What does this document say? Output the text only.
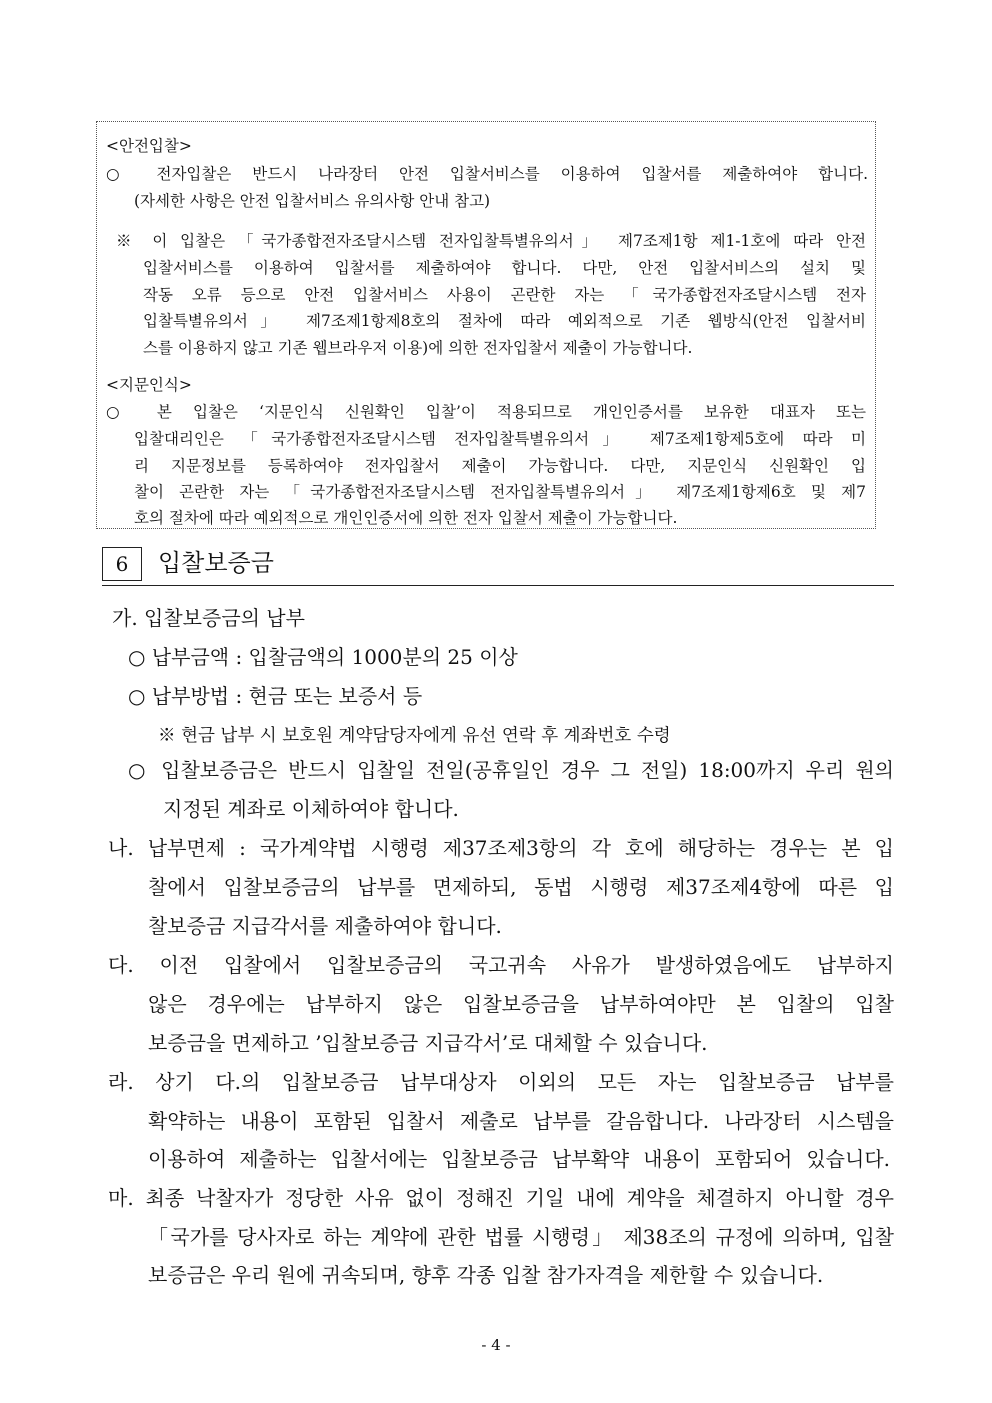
<안전입찰>
○ 전자입찰은 반드시 나라장터 안전 입찰서비스를 이용하여 입찰서를 제출하여야 합니다.
(자세한 사항은 안전 입찰서비스 유의사항 안내 참고)
※ 이 입찰은 「국가종합전자조달시스템 전자입찰특별유의서」 제7조제1항 제1-1호에 따라 안전
입찰서비스를 이용하여 입찰서를 제출하여야 합니다. 다만, 안전 입찰서비스의 설치 및
작동 오류 등으로 안전 입찰서비스 사용이 곤란한 자는 「국가종합전자조달시스템 전자
입찰특별유의서」 제7조제1항제8호의 절차에 따라 예외적으로 기존 웹방식(안전 입찰서비
스를 이용하지 않고 기존 웹브라우저 이용)에 의한 전자입찰서 제출이 가능합니다.
<지문인식>
○ 본 입찰은 ‘지문인식 신원확인 입찰’이 적용되므로 개인인증서를 보유한 대표자 또는
입찰대리인은 「국가종합전자조달시스템 전자입찰특별유의서」 제7조제1항제5호에 따라 미
리 지문정보를 등록하여야 전자입찰서 제출이 가능합니다. 다만, 지문인식 신원확인 입
찰이 곤란한 자는 「국가종합전자조달시스템 전자입찰특별유의서」 제7조제1항제6호 및 제7
호의 절차에 따라 예외적으로 개인인증서에 의한 전자 입찰서 제출이 가능합니다.
6	입찰보증금
가. 입찰보증금의 납부
○ 납부금액 : 입찰금액의 1000분의 25 이상
○ 납부방법 : 현금 또는 보증서 등
※ 현금 납부 시 보호원 계약담당자에게 유선 연락 후 계좌번호 수령
○ 입찰보증금은 반드시 입찰일 전일(공휴일인 경우 그 전일) 18:00까지 우리 원의
지정된 계좌로 이체하여야 합니다.
나. 납부면제 : 국가계약법 시행령 제37조제3항의 각 호에 해당하는 경우는 본 입
찰에서 입찰보증금의 납부를 면제하되, 동법 시행령 제37조제4항에 따른 입
찰보증금 지급각서를 제출하여야 합니다.
다. 이전 입찰에서 입찰보증금의 국고귀속 사유가 발생하였음에도 납부하지
않은 경우에는 납부하지 않은 입찰보증금을 납부하여야만 본 입찰의 입찰
보증금을 면제하고 ’입찰보증금 지급각서’로 대체할 수 있습니다.
라. 상기 다.의 입찰보증금 납부대상자 이외의 모든 자는 입찰보증금 납부를
확약하는 내용이 포함된 입찰서 제출로 납부를 갈음합니다. 나라장터 시스템을
이용하여 제출하는 입찰서에는 입찰보증금 납부확약 내용이 포함되어 있습니다.
마. 최종 낙찰자가 정당한 사유 없이 정해진 기일 내에 계약을 체결하지 아니할 경우
「국가를 당사자로 하는 계약에 관한 법률 시행령」 제38조의 규정에 의하며, 입찰
보증금은 우리 원에 귀속되며, 향후 각종 입찰 참가자격을 제한할 수 있습니다.
- 4 -
